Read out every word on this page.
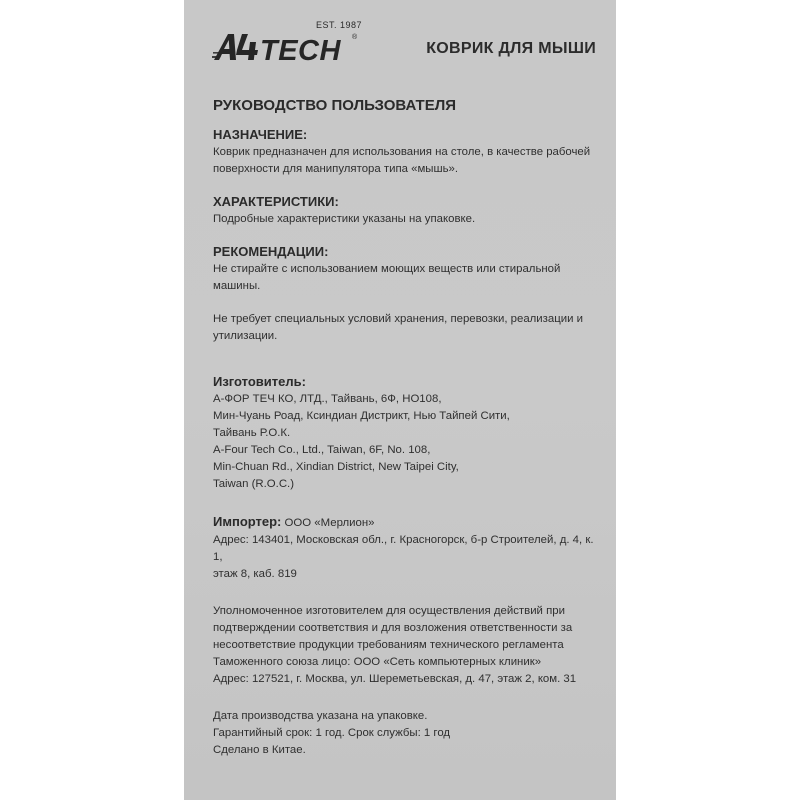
TECH ®
EST. 1987
КОВРИК ДЛЯ МЫШИ
РУКОВОДСТВО ПОЛЬЗОВАТЕЛЯ
НАЗНАЧЕНИЕ:

Коврик предназначен для использования на столе, в качестве рабочей

поверхности для манипулятора типа «мышь».

ХАРАКТЕРИСТИКИ:

Подробные характеристики указаны на упаковке.

РЕКОМЕНДАЦИИ:

Не стирайте с использованием моющих веществ или стиральной машины.

Не требует специальных условий хранения, перевозки, реализации и

утилизации.

Изготовитель:

А-ФОР ТЕЧ КО, ЛТД., Тайвань, 6Ф, НО108,

Мин-Чуань Роад, Ксиндиан Дистрикт, Нью Тайпей Сити,

Тайвань Р.О.К.

A-Four Tech Co., Ltd., Taiwan, 6F, No. 108,

Min-Chuan Rd., Xindian District, New Taipei City,

Taiwan (R.O.C.)

Импортер: ООО «Мерлион»

Адрес: 143401, Московская обл., г. Красногорск, б-р Строителей, д. 4, к. 1,

этаж 8, каб. 819

Уполномоченное изготовителем для осуществления действий при

подтверждении соответствия и для возложения ответственности за

несоответствие продукции требованиям технического регламента

Таможенного союза лицо: ООО «Сеть компьютерных клиник»

Адрес: 127521, г. Москва, ул. Шереметьевская, д. 47, этаж 2, ком. 31

Дата производства указана на упаковке.

Гарантийный срок: 1 год. Срок службы: 1 год

Сделано в Китае.
